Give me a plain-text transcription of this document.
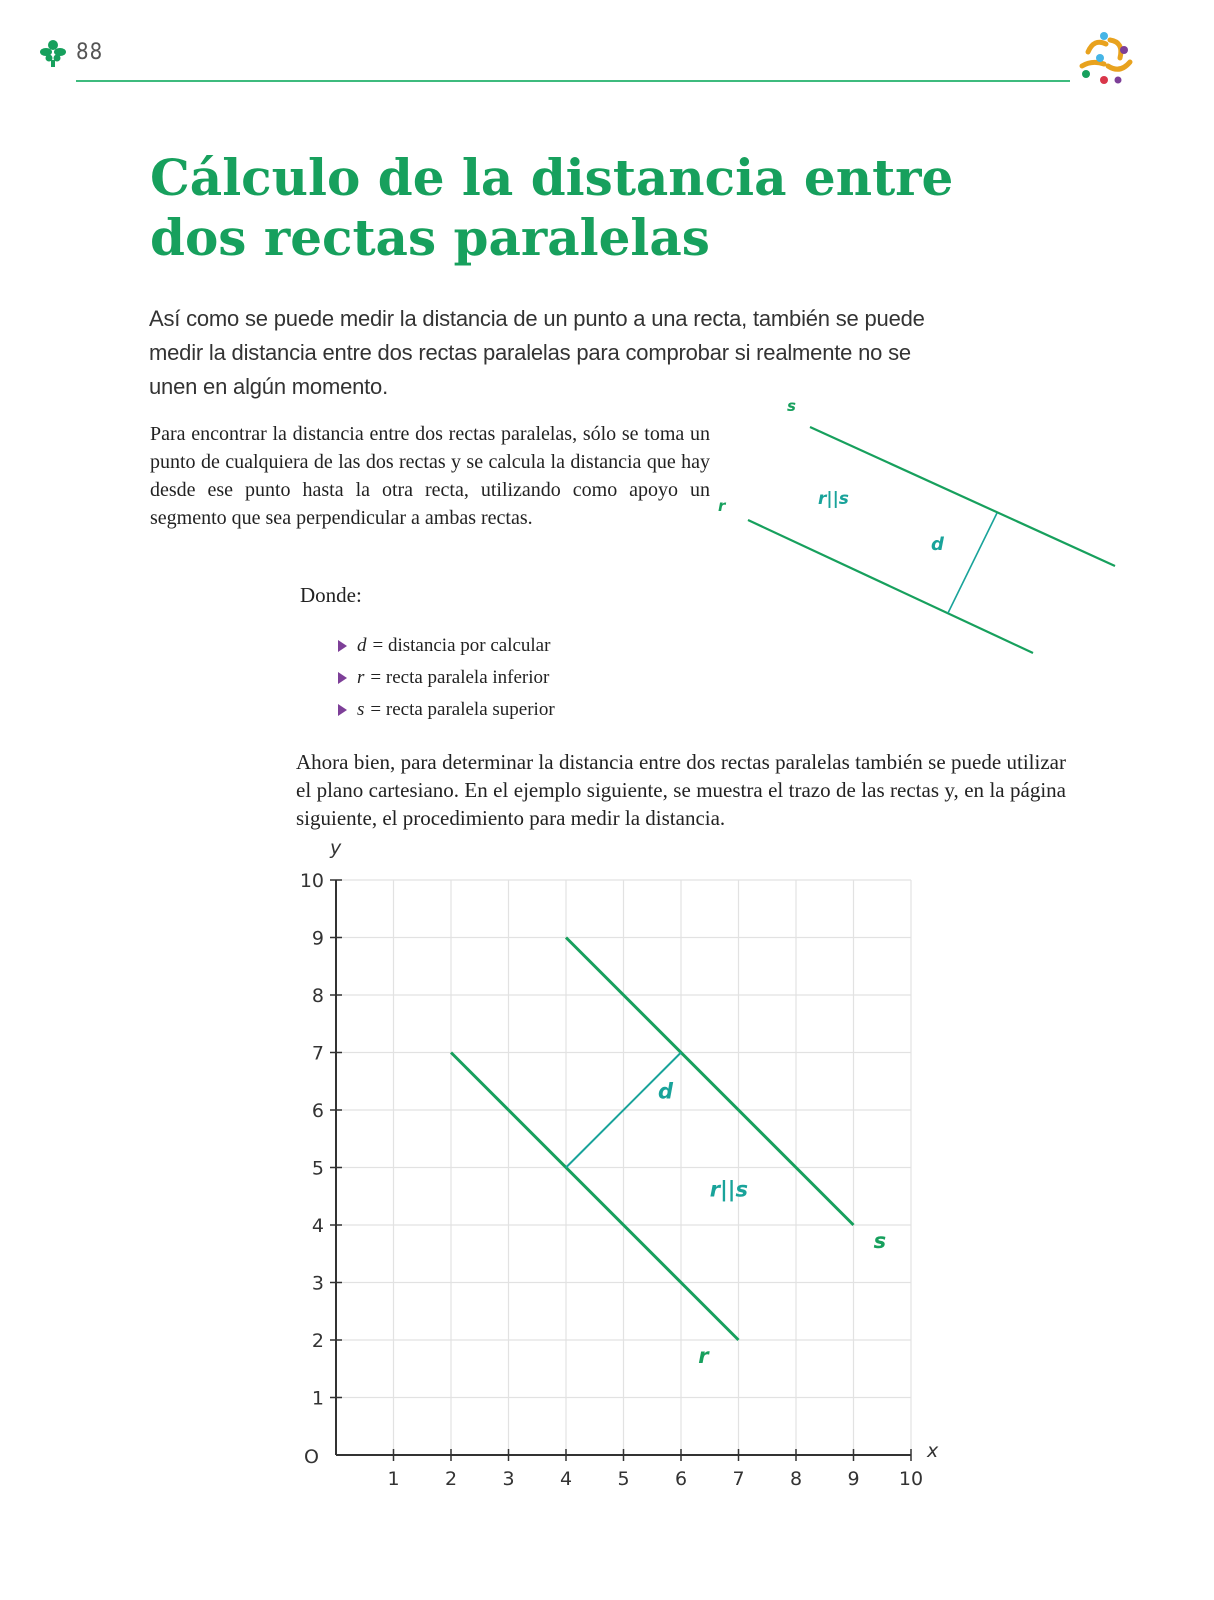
88
Cálculo de la distancia entre
dos rectas paralelas

Así como se puede medir la distancia de un punto a una recta, también se puede medir la distancia entre dos rectas paralelas para comprobar si realmente no se unen en algún momento.

Para encontrar la distancia entre dos rectas paralelas, sólo se toma un punto de cualquiera de las dos rectas y se calcula la distancia que hay desde ese punto hasta la otra recta, utilizando como apoyo un segmento que sea perpendicular a ambas rectas.

Donde:
d =
distancia por calcular
r =
recta paralela inferior
s =
recta paralela superior

Ahora bien, para determinar la distancia entre dos rectas paralelas también se puede utilizar el plano cartesiano. En el ejemplo siguiente, se muestra el trazo de las rectas y, en la página siguiente, el procedimiento para medir la distancia.

s
r	r||s
d
1 2 3 4 5 6 7 8 9 10
1
2
3
4
5
6
7
8
9
10
d
r||s
s
r
y
x
O
